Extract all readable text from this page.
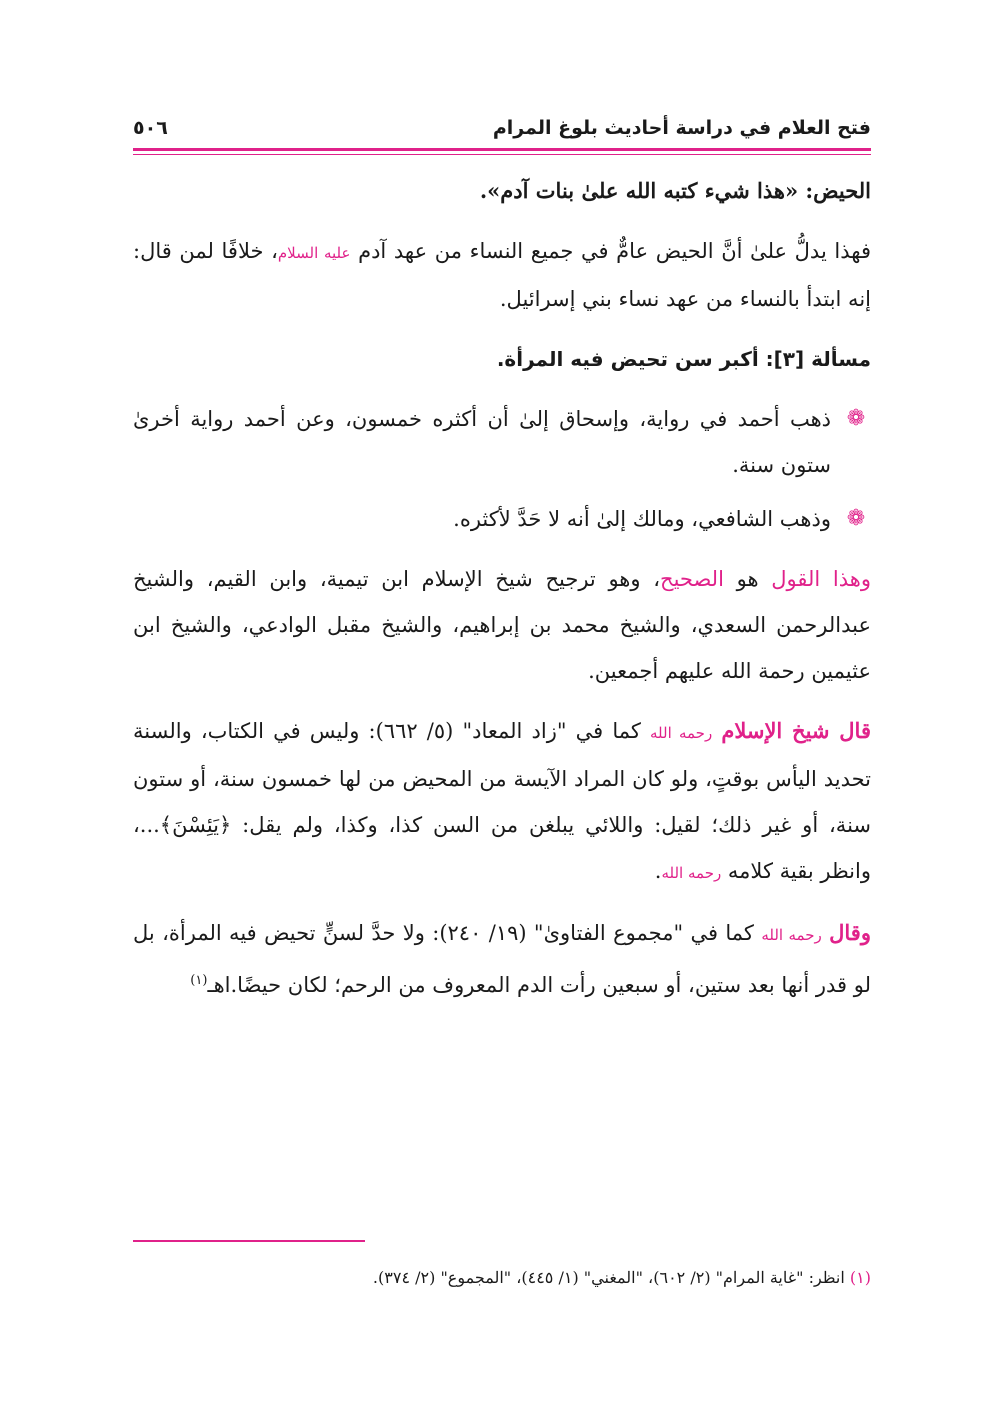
فتح العلام في دراسة أحاديث بلوغ المرام
٥٠٦

الحيض: «هذا شيء كتبه الله علىٰ بنات آدم».

فهذا يدلُّ علىٰ أنَّ الحيض عامٌّ في جميع النساء من عهد آدم عليه السلام، خلافًا لمن قال: إنه ابتدأ بالنساء من عهد نساء بني إسرائيل.

مسألة [٣]: أكبر سن تحيض فيه المرأة.

❁
ذهب أحمد في رواية، وإسحاق إلىٰ أن أكثره خمسون، وعن أحمد رواية أخرىٰ ستون سنة.
❁
وذهب الشافعي، ومالك إلىٰ أنه لا حَدَّ لأكثره.

وهذا القول هو الصحيح، وهو ترجيح شيخ الإسلام ابن تيمية، وابن القيم، والشيخ عبدالرحمن السعدي، والشيخ محمد بن إبراهيم، والشيخ مقبل الوادعي، والشيخ ابن عثيمين رحمة الله عليهم أجمعين.

قال شيخ الإسلام رحمه الله كما في "زاد المعاد" (٥/ ٦٦٢): وليس في الكتاب، والسنة تحديد اليأس بوقتٍ، ولو كان المراد الآيسة من المحيض من لها خمسون سنة، أو ستون سنة، أو غير ذلك؛ لقيل: واللائي يبلغن من السن كذا، وكذا، ولم يقل: ﴿يَئِسْنَ﴾...، وانظر بقية كلامه رحمه الله.

وقال رحمه الله كما في "مجموع الفتاوىٰ" (١٩/ ٢٤٠): ولا حدَّ لسنٍّ تحيض فيه المرأة، بل لو قدر أنها بعد ستين، أو سبعين رأت الدم المعروف من الرحم؛ لكان حيضًا.اهـ$^{(١)}$

(١) انظر: "غاية المرام" (٢/ ٦٠٢)، "المغني" (١/ ٤٤٥)، "المجموع" (٢/ ٣٧٤).
